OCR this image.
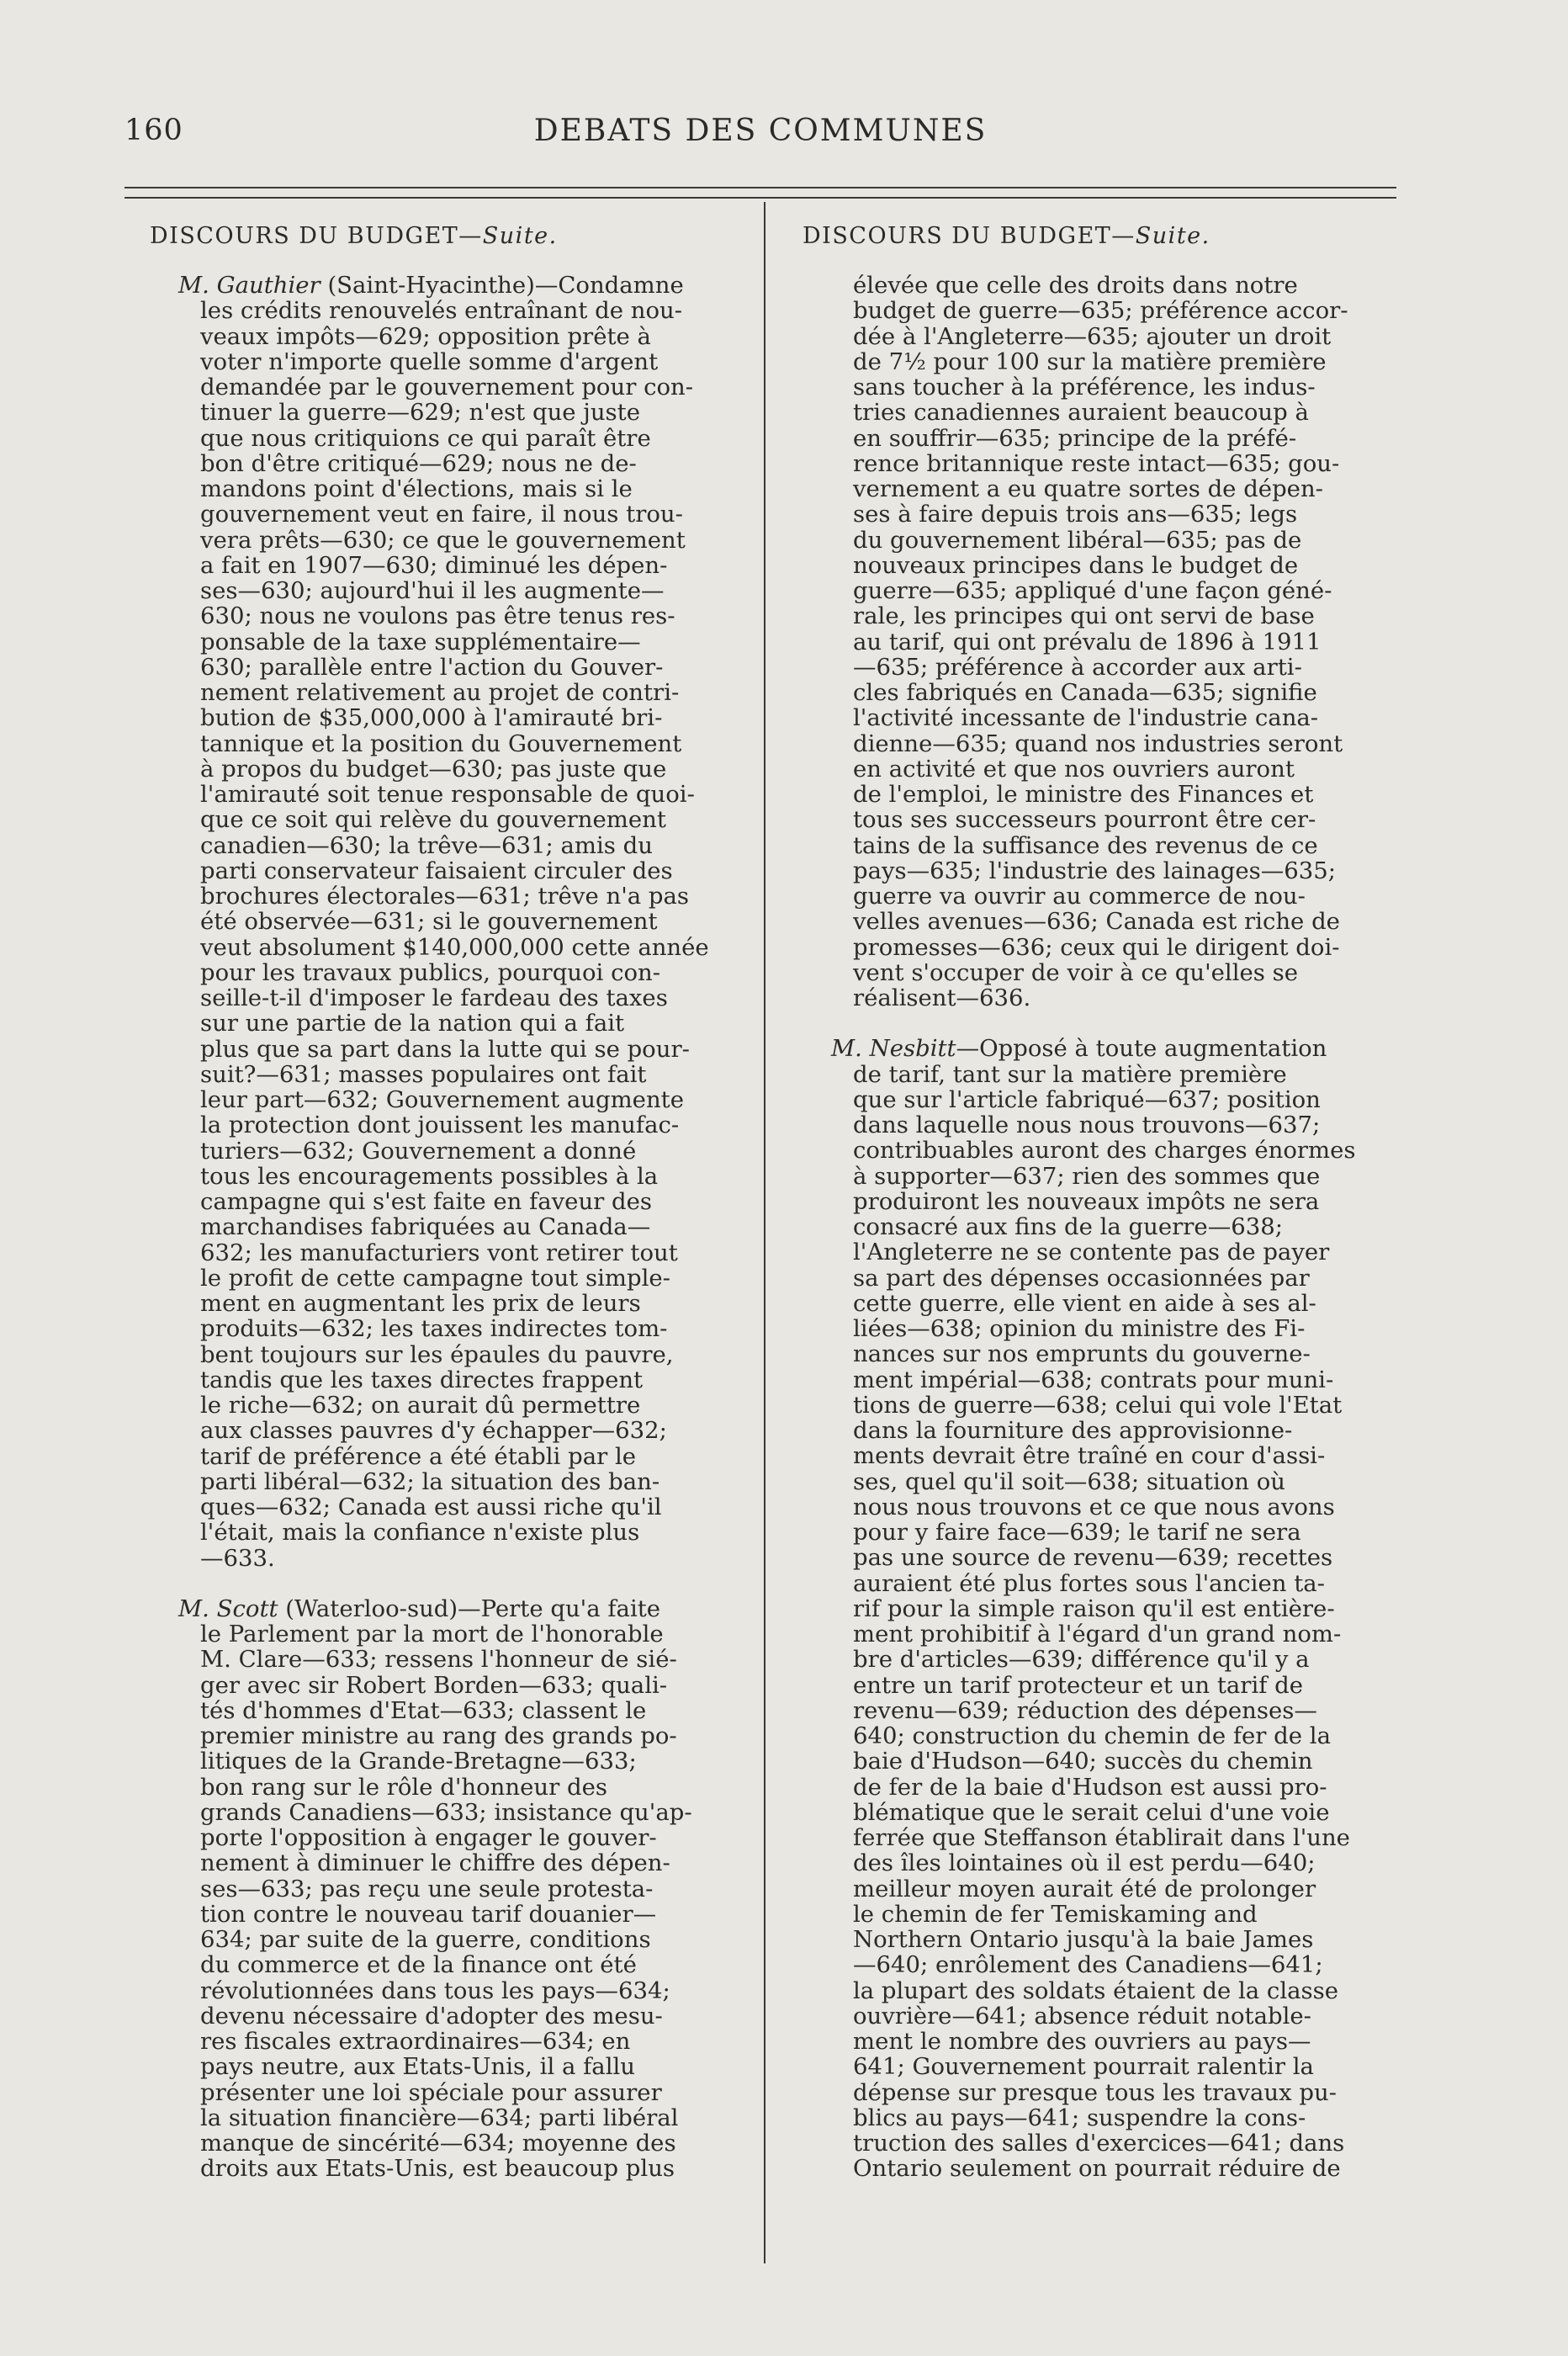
160	DEBATS DES COMMUNES
DISCOURS DU BUDGET—Suite.
M. Gauthier (Saint-Hyacinthe)—Condamne
les crédits renouvelés entraînant de nou-
veaux impôts—629; opposition prête à
voter n'importe quelle somme d'argent
demandée par le gouvernement pour con-
tinuer la guerre—629; n'est que juste
que nous critiquions ce qui paraît être
bon d'être critiqué—629; nous ne de-
mandons point d'élections, mais si le
gouvernement veut en faire, il nous trou-
vera prêts—630; ce que le gouvernement
a fait en 1907—630; diminué les dépen-
ses—630; aujourd'hui il les augmente—
630; nous ne voulons pas être tenus res-
ponsable de la taxe supplémentaire—
630; parallèle entre l'action du Gouver-
nement relativement au projet de contri-
bution de $35,000,000 à l'amirauté bri-
tannique et la position du Gouvernement
à propos du budget—630; pas juste que
l'amirauté soit tenue responsable de quoi-
que ce soit qui relève du gouvernement
canadien—630; la trêve—631; amis du
parti conservateur faisaient circuler des
brochures électorales—631; trêve n'a pas
été observée—631; si le gouvernement
veut absolument $140,000,000 cette année
pour les travaux publics, pourquoi con-
seille-t-il d'imposer le fardeau des taxes
sur une partie de la nation qui a fait
plus que sa part dans la lutte qui se pour-
suit?—631; masses populaires ont fait
leur part—632; Gouvernement augmente
la protection dont jouissent les manufac-
turiers—632; Gouvernement a donné
tous les encouragements possibles à la
campagne qui s'est faite en faveur des
marchandises fabriquées au Canada—
632; les manufacturiers vont retirer tout
le profit de cette campagne tout simple-
ment en augmentant les prix de leurs
produits—632; les taxes indirectes tom-
bent toujours sur les épaules du pauvre,
tandis que les taxes directes frappent
le riche—632; on aurait dû permettre
aux classes pauvres d'y échapper—632;
tarif de préférence a été établi par le
parti libéral—632; la situation des ban-
ques—632; Canada est aussi riche qu'il
l'était, mais la confiance n'existe plus
—633.
M. Scott (Waterloo-sud)—Perte qu'a faite
le Parlement par la mort de l'honorable
M. Clare—633; ressens l'honneur de sié-
ger avec sir Robert Borden—633; quali-
tés d'hommes d'Etat—633; classent le
premier ministre au rang des grands po-
litiques de la Grande-Bretagne—633;
bon rang sur le rôle d'honneur des
grands Canadiens—633; insistance qu'ap-
porte l'opposition à engager le gouver-
nement à diminuer le chiffre des dépen-
ses—633; pas reçu une seule protesta-
tion contre le nouveau tarif douanier—
634; par suite de la guerre, conditions
du commerce et de la finance ont été
révolutionnées dans tous les pays—634;
devenu nécessaire d'adopter des mesu-
res fiscales extraordinaires—634; en
pays neutre, aux Etats-Unis, il a fallu
présenter une loi spéciale pour assurer
la situation financière—634; parti libéral
manque de sincérité—634; moyenne des
droits aux Etats-Unis, est beaucoup plus
DISCOURS DU BUDGET—Suite.
élevée que celle des droits dans notre
budget de guerre—635; préférence accor-
dée à l'Angleterre—635; ajouter un droit
de 7½ pour 100 sur la matière première
sans toucher à la préférence, les indus-
tries canadiennes auraient beaucoup à
en souffrir—635; principe de la préfé-
rence britannique reste intact—635; gou-
vernement a eu quatre sortes de dépen-
ses à faire depuis trois ans—635; legs
du gouvernement libéral—635; pas de
nouveaux principes dans le budget de
guerre—635; appliqué d'une façon géné-
rale, les principes qui ont servi de base
au tarif, qui ont prévalu de 1896 à 1911
—635; préférence à accorder aux arti-
cles fabriqués en Canada—635; signifie
l'activité incessante de l'industrie cana-
dienne—635; quand nos industries seront
en activité et que nos ouvriers auront
de l'emploi, le ministre des Finances et
tous ses successeurs pourront être cer-
tains de la suffisance des revenus de ce
pays—635; l'industrie des lainages—635;
guerre va ouvrir au commerce de nou-
velles avenues—636; Canada est riche de
promesses—636; ceux qui le dirigent doi-
vent s'occuper de voir à ce qu'elles se
réalisent—636.
M. Nesbitt—Opposé à toute augmentation
de tarif, tant sur la matière première
que sur l'article fabriqué—637; position
dans laquelle nous nous trouvons—637;
contribuables auront des charges énormes
à supporter—637; rien des sommes que
produiront les nouveaux impôts ne sera
consacré aux fins de la guerre—638;
l'Angleterre ne se contente pas de payer
sa part des dépenses occasionnées par
cette guerre, elle vient en aide à ses al-
liées—638; opinion du ministre des Fi-
nances sur nos emprunts du gouverne-
ment impérial—638; contrats pour muni-
tions de guerre—638; celui qui vole l'Etat
dans la fourniture des approvisionne-
ments devrait être traîné en cour d'assi-
ses, quel qu'il soit—638; situation où
nous nous trouvons et ce que nous avons
pour y faire face—639; le tarif ne sera
pas une source de revenu—639; recettes
auraient été plus fortes sous l'ancien ta-
rif pour la simple raison qu'il est entière-
ment prohibitif à l'égard d'un grand nom-
bre d'articles—639; différence qu'il y a
entre un tarif protecteur et un tarif de
revenu—639; réduction des dépenses—
640; construction du chemin de fer de la
baie d'Hudson—640; succès du chemin
de fer de la baie d'Hudson est aussi pro-
blématique que le serait celui d'une voie
ferrée que Steffanson établirait dans l'une
des îles lointaines où il est perdu—640;
meilleur moyen aurait été de prolonger
le chemin de fer Temiskaming and
Northern Ontario jusqu'à la baie James
—640; enrôlement des Canadiens—641;
la plupart des soldats étaient de la classe
ouvrière—641; absence réduit notable-
ment le nombre des ouvriers au pays—
641; Gouvernement pourrait ralentir la
dépense sur presque tous les travaux pu-
blics au pays—641; suspendre la cons-
truction des salles d'exercices—641; dans
Ontario seulement on pourrait réduire de
